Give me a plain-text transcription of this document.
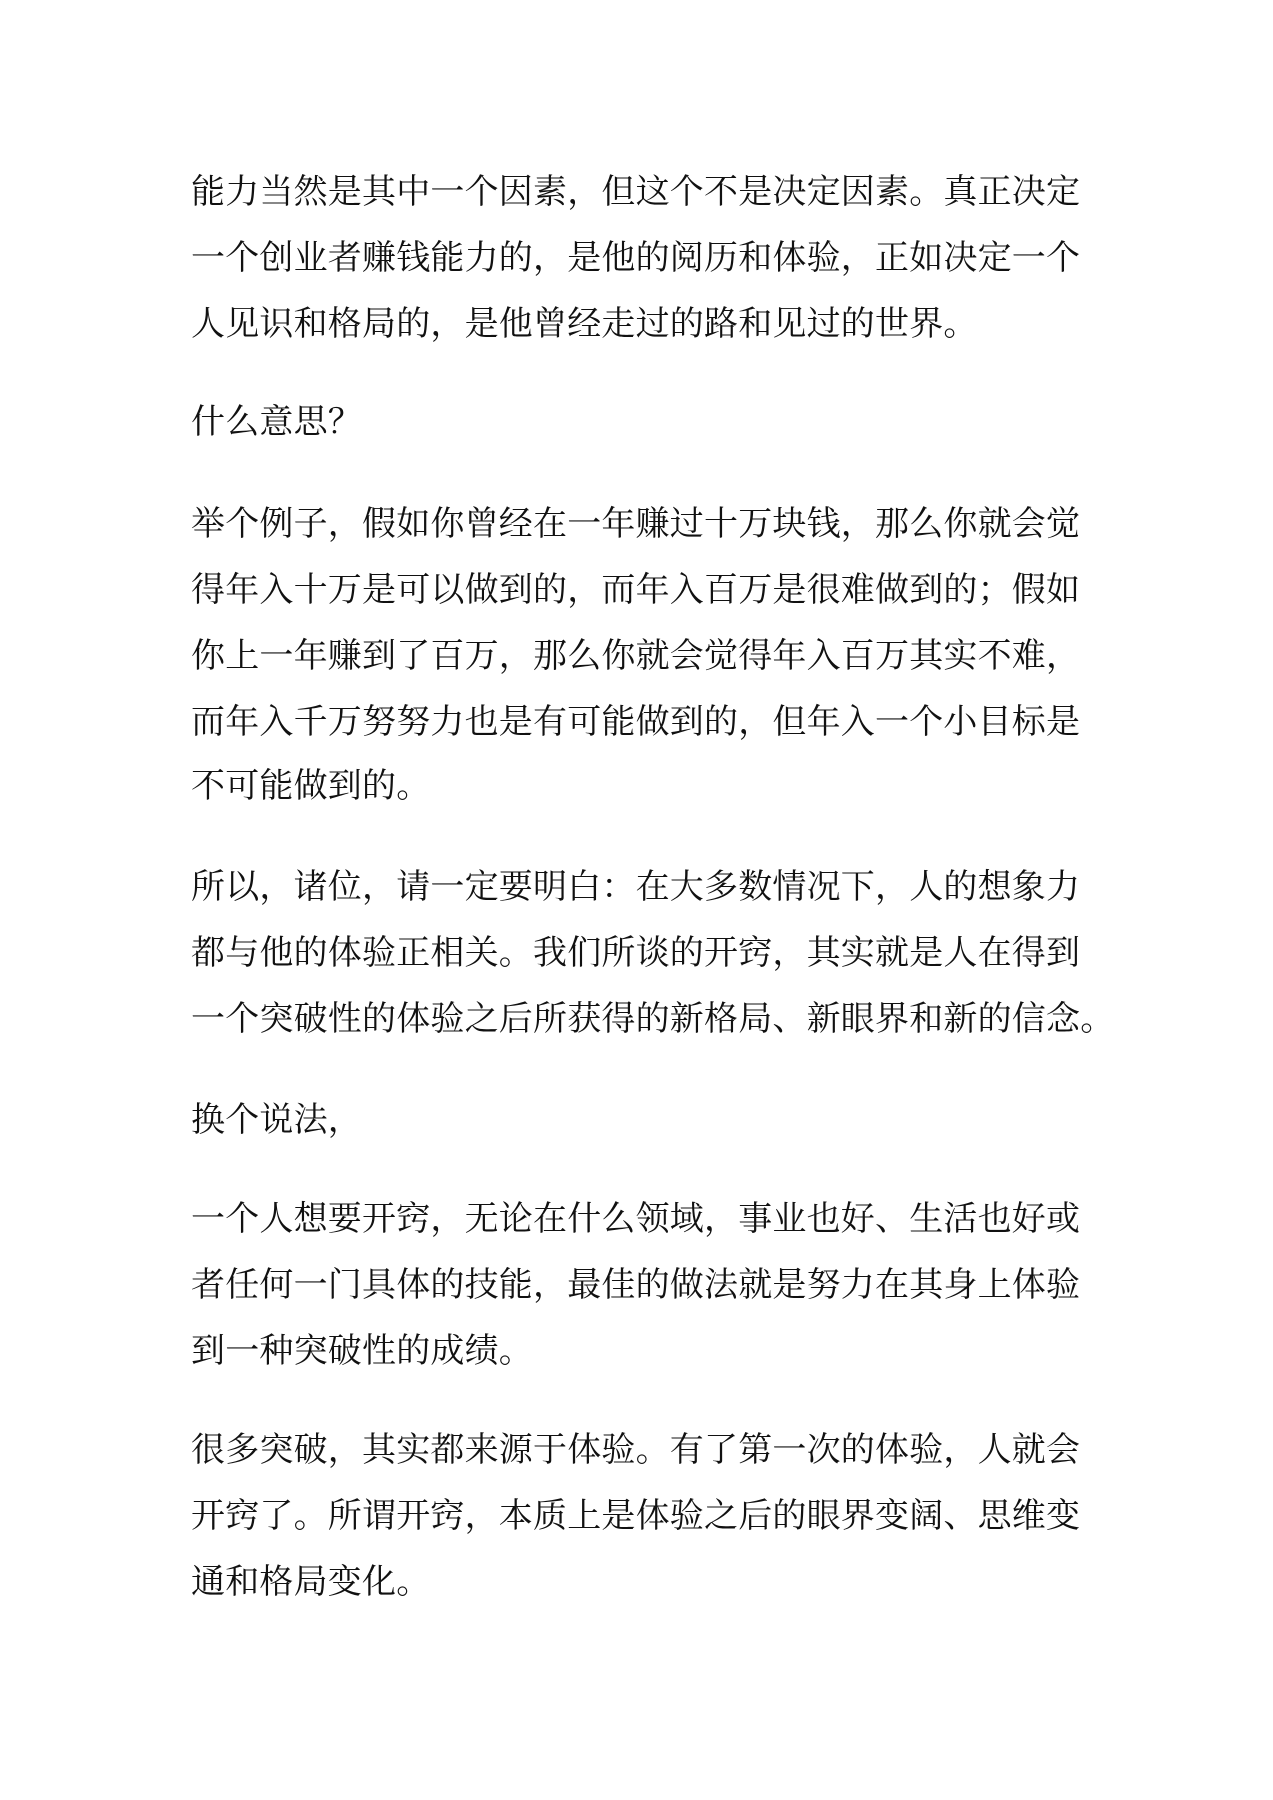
能力当然是其中一个因素，但这个不是决定因素。真正决定

一个创业者赚钱能力的，是他的阅历和体验，正如决定一个

人见识和格局的，是他曾经走过的路和见过的世界。

什么意思？

举个例子，假如你曾经在一年赚过十万块钱，那么你就会觉

得年入十万是可以做到的，而年入百万是很难做到的；假如

你上一年赚到了百万，那么你就会觉得年入百万其实不难，

而年入千万努努力也是有可能做到的，但年入一个小目标是

不可能做到的。

所以，诸位，请一定要明白：在大多数情况下，人的想象力

都与他的体验正相关。我们所谈的开窍，其实就是人在得到

一个突破性的体验之后所获得的新格局、新眼界和新的信念。

换个说法，

一个人想要开窍，无论在什么领域，事业也好、生活也好或

者任何一门具体的技能，最佳的做法就是努力在其身上体验

到一种突破性的成绩。

很多突破，其实都来源于体验。有了第一次的体验，人就会

开窍了。所谓开窍，本质上是体验之后的眼界变阔、思维变

通和格局变化。
